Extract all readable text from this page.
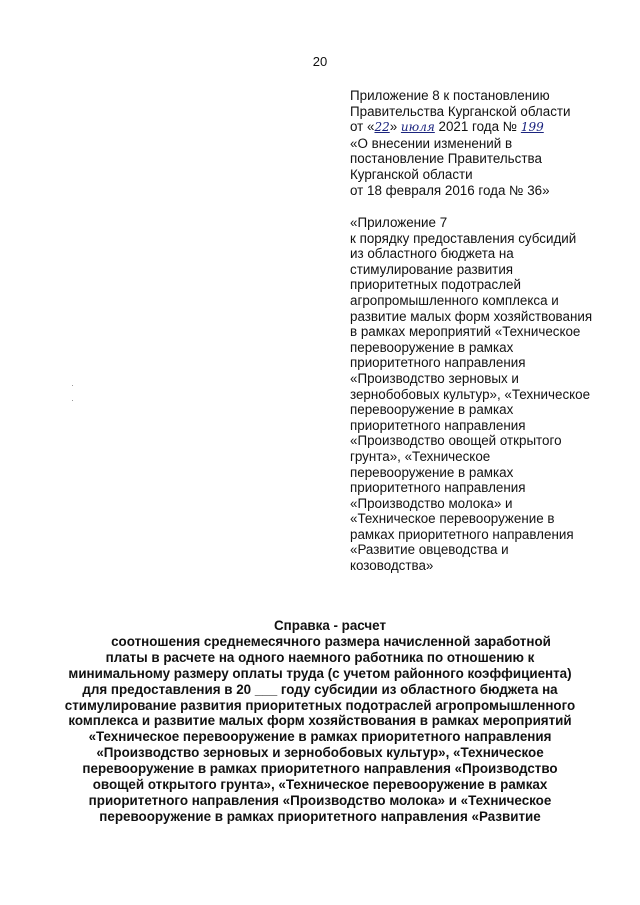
20
Приложение 8 к постановлению
Правительства Курганской области
от «22» июля 2021 года № 199
«О внесении изменений в
постановление Правительства
Курганской области
от 18 февраля 2016 года № 36»
«Приложение 7
к порядку предоставления субсидий
из областного бюджета на
стимулирование развития
приоритетных подотраслей
агропромышленного комплекса и
развитие малых форм хозяйствования
в рамках мероприятий «Техническое
перевооружение в рамках
приоритетного направления
«Производство зерновых и
зернобобовых культур», «Техническое
перевооружение в рамках
приоритетного направления
«Производство овощей открытого
грунта», «Техническое
перевооружение в рамках
приоритетного направления
«Производство молока» и
«Техническое перевооружение в
рамках приоритетного направления
«Развитие овцеводства и
козоводства»
Справка - расчет
соотношения среднемесячного размера начисленной заработной
платы в расчете на одного наемного работника по отношению к
минимальному размеру оплаты труда (с учетом районного коэффициента)
для предоставления в 20 ___ году субсидии из областного бюджета на
стимулирование развития приоритетных подотраслей агропромышленного
комплекса и развитие малых форм хозяйствования в рамках мероприятий
«Техническое перевооружение в рамках приоритетного направления
«Производство зерновых и зернобобовых культур», «Техническое
перевооружение в рамках приоритетного направления «Производство
овощей открытого грунта», «Техническое перевооружение в рамках
приоритетного направления «Производство молока» и «Техническое
перевооружение в рамках приоритетного направления «Развитие
